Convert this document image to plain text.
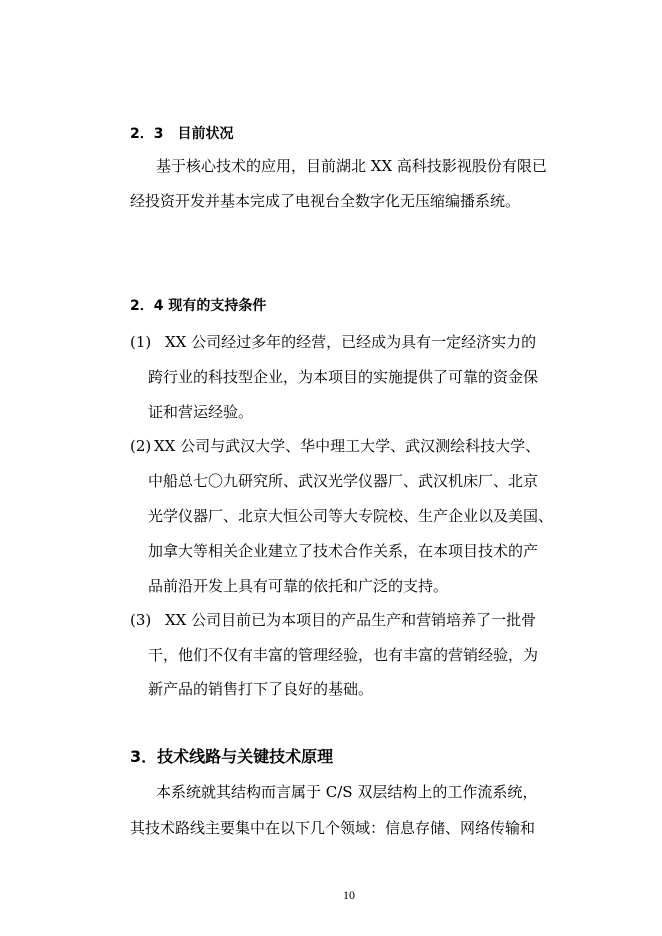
2．3　目前状况
基于核心技术的应用，目前湖北 XX 高科技影视股份有限已
经投资开发并基本完成了电视台全数字化无压缩编播系统。
2．4 现有的支持条件
(1) XX 公司经过多年的经营，已经成为具有一定经济实力的
跨行业的科技型企业，为本项目的实施提供了可靠的资金保
证和营运经验。
(2) XX 公司与武汉大学、华中理工大学、武汉测绘科技大学、
中船总七〇九研究所、武汉光学仪器厂、武汉机床厂、北京
光学仪器厂、北京大恒公司等大专院校、生产企业以及美国、
加拿大等相关企业建立了技术合作关系，在本项目技术的产
品前沿开发上具有可靠的依托和广泛的支持。
(3) XX 公司目前已为本项目的产品生产和营销培养了一批骨
干，他们不仅有丰富的管理经验，也有丰富的营销经验，为
新产品的销售打下了良好的基础。
3．技术线路与关键技术原理
本系统就其结构而言属于 C/S 双层结构上的工作流系统，
其技术路线主要集中在以下几个领域：信息存储、网络传输和
10
